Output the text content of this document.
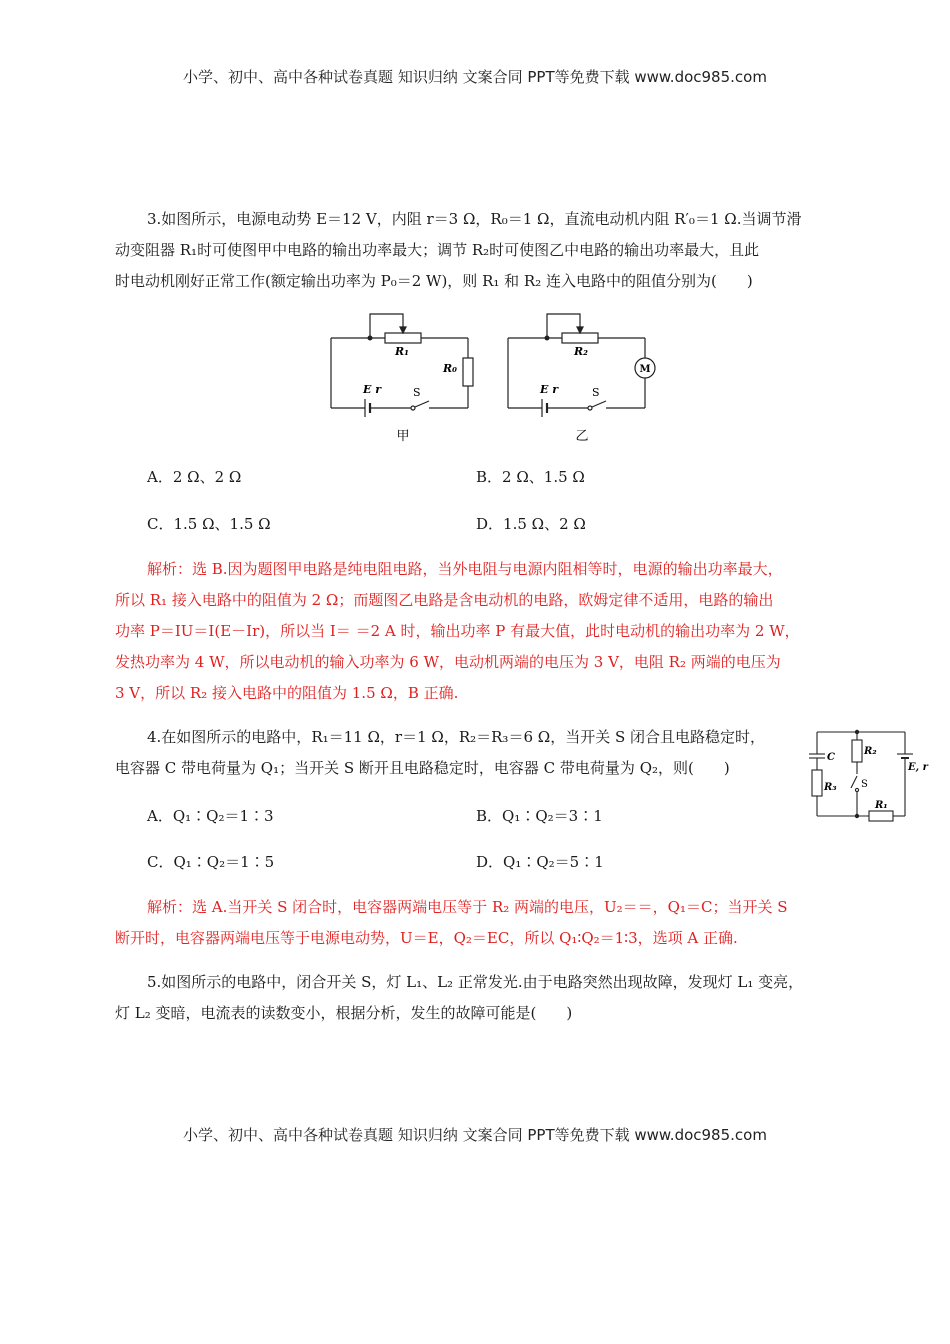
小学、初中、高中各种试卷真题 知识归纳 文案合同 PPT等免费下载 www.doc985.com
3.如图所示，电源电动势 E＝12 V，内阻 r＝3 Ω，R₀＝1 Ω，直流电动机内阻 R′₀＝1 Ω.当调节滑
动变阻器 R₁时可使图甲中电路的输出功率最大；调节 R₂时可使图乙中电路的输出功率最大，且此
时电动机刚好正常工作(额定输出功率为 P₀＝2 W)，则 R₁ 和 R₂ 连入电路中的阻值分别为(　　)
R₁
R₀
E r	S
甲
M
R₂
E r	S
乙
A．2 Ω、2 Ω	B．2 Ω、1.5 Ω
C．1.5 Ω、1.5 Ω	D．1.5 Ω、2 Ω
解析：选 B.因为题图甲电路是纯电阻电路，当外电阻与电源内阻相等时，电源的输出功率最大，
所以 R₁ 接入电路中的阻值为 2 Ω；而题图乙电路是含电动机的电路，欧姆定律不适用，电路的输出
功率 P＝IU＝I(E－Ir)，所以当 I＝ ＝2 A 时，输出功率 P 有最大值，此时电动机的输出功率为 2 W，
发热功率为 4 W，所以电动机的输入功率为 6 W，电动机两端的电压为 3 V，电阻 R₂ 两端的电压为
3 V，所以 R₂ 接入电路中的阻值为 1.5 Ω，B 正确.
4.在如图所示的电路中，R₁＝11 Ω，r＝1 Ω，R₂＝R₃＝6 Ω，当开关 S 闭合且电路稳定时，
电容器 C 带电荷量为 Q₁；当开关 S 断开且电路稳定时，电容器 C 带电荷量为 Q₂，则(　　)
C
R₂
R₃ S
E, r
R₁
A．Q₁∶Q₂＝1∶3	B．Q₁∶Q₂＝3∶1
C．Q₁∶Q₂＝1∶5	D．Q₁∶Q₂＝5∶1
解析：选 A.当开关 S 闭合时，电容器两端电压等于 R₂ 两端的电压，U₂＝＝，Q₁＝C；当开关 S
断开时，电容器两端电压等于电源电动势，U＝E，Q₂＝EC，所以 Q₁∶Q₂＝1∶3，选项 A 正确.
5.如图所示的电路中，闭合开关 S，灯 L₁、L₂ 正常发光.由于电路突然出现故障，发现灯 L₁ 变亮，
灯 L₂ 变暗，电流表的读数变小，根据分析，发生的故障可能是(　　)
小学、初中、高中各种试卷真题 知识归纳 文案合同 PPT等免费下载 www.doc985.com
